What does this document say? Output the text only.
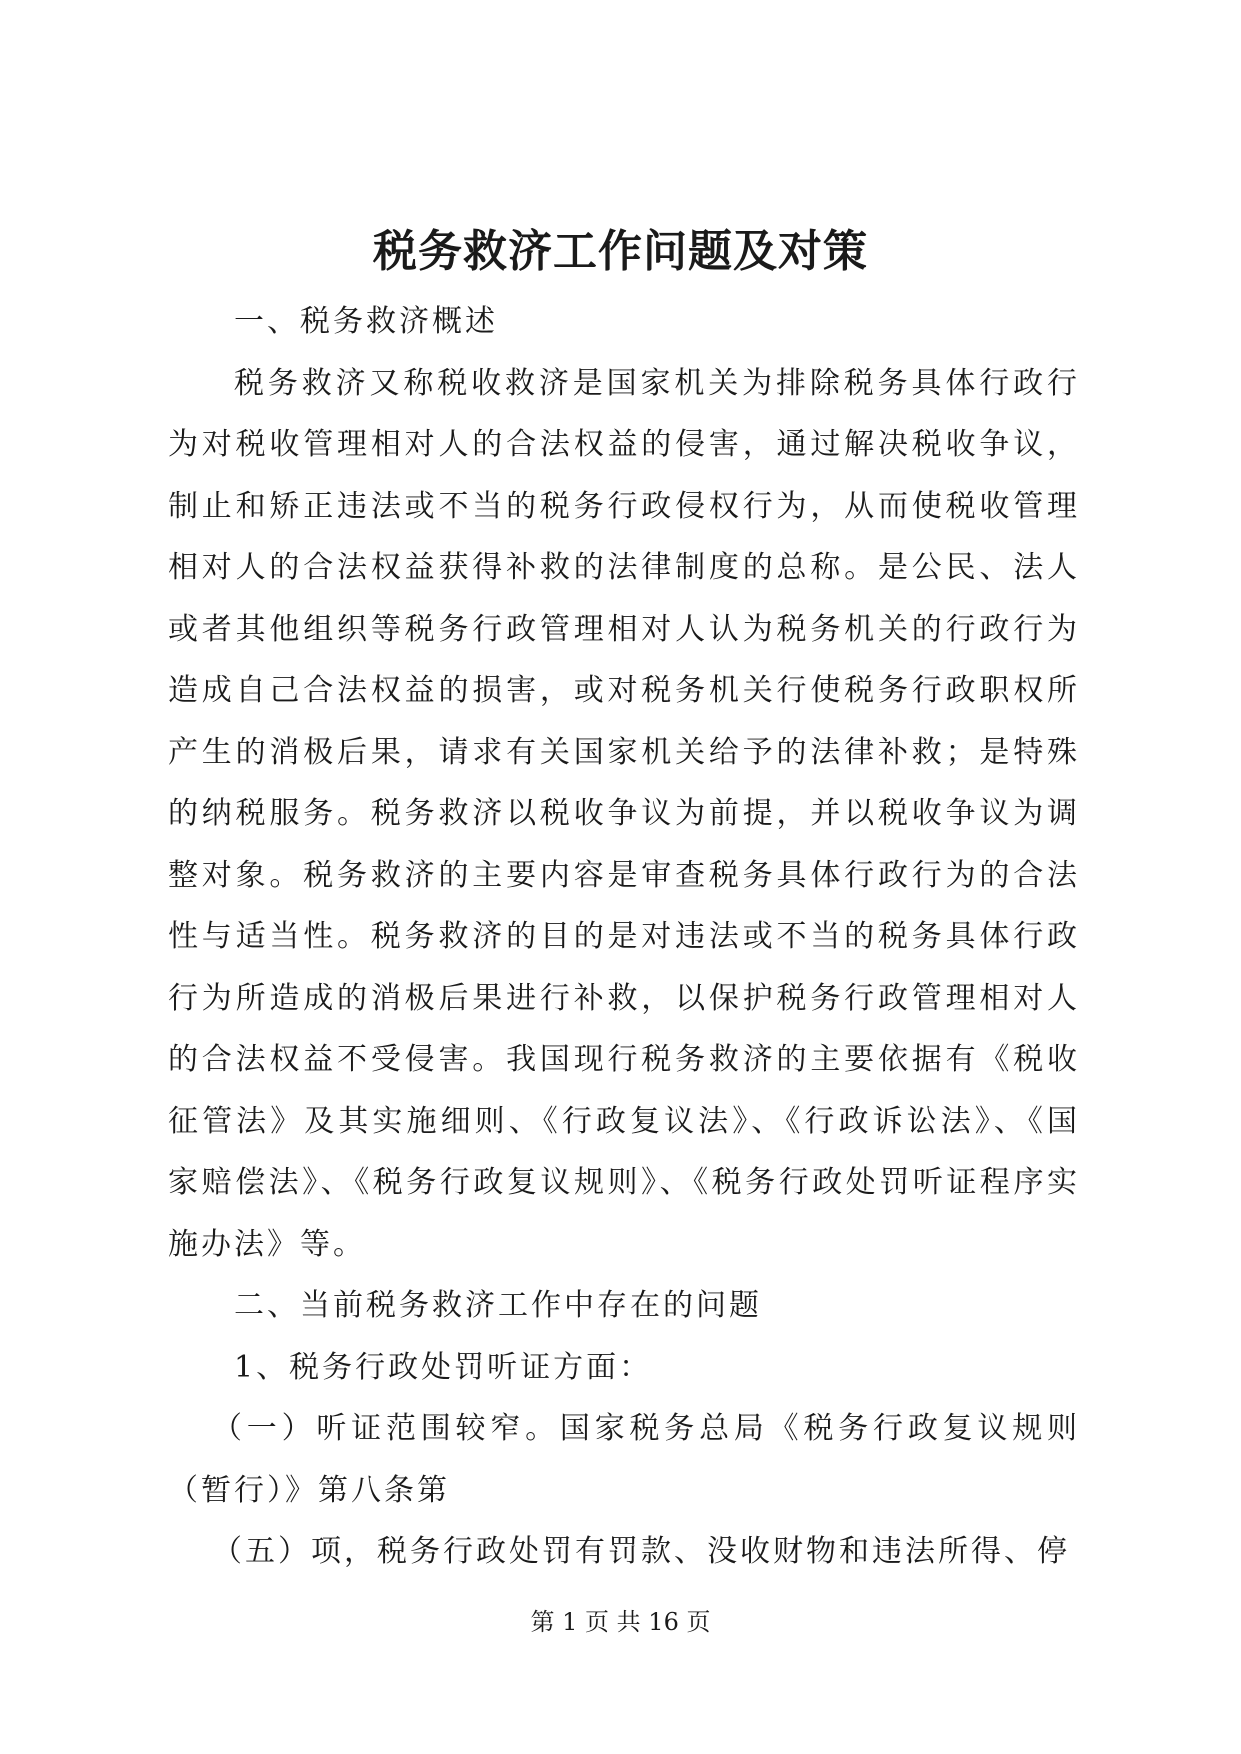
税务救济工作问题及对策

一、税务救济概述

税务救济又称税收救济是国家机关为排除税务具体行政行为对税收管理相对人的合法权益的侵害，通过解决税收争议，制止和矫正违法或不当的税务行政侵权行为，从而使税收管理相对人的合法权益获得补救的法律制度的总称。是公民、法人或者其他组织等税务行政管理相对人认为税务机关的行政行为造成自己合法权益的损害，或对税务机关行使税务行政职权所产生的消极后果，请求有关国家机关给予的法律补救；是特殊的纳税服务。税务救济以税收争议为前提，并以税收争议为调整对象。税务救济的主要内容是审查税务具体行政行为的合法性与适当性。税务救济的目的是对违法或不当的税务具体行政行为所造成的消极后果进行补救，以保护税务行政管理相对人的合法权益不受侵害。我国现行税务救济的主要依据有《税收征管法》及其实施细则、《行政复议法》、《行政诉讼法》、《国家赔偿法》、《税务行政复议规则》、《税务行政处罚听证程序实施办法》等。

二、当前税务救济工作中存在的问题

1、税务行政处罚听证方面：

（一）听证范围较窄。国家税务总局《税务行政复议规则（暂行）》第八条第

（五）项，税务行政处罚有罚款、没收财物和违法所得、停

第 1 页 共 16 页
